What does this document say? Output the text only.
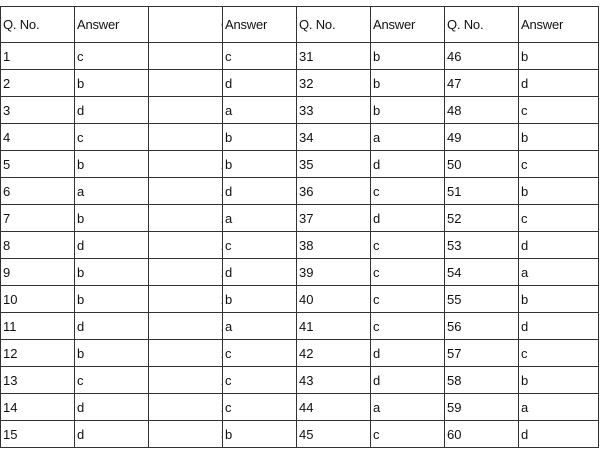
Q. No.	Answer		Answer	Q. No.	Answer	Q. No.	Answer
1	c		c	31	b	46	b
2	b		d	32	b	47	d
3	d		a	33	b	48	c
4	c		b	34	a	49	b
5	b		b	35	d	50	c
6	a		d	36	c	51	b
7	b		a	37	d	52	c
8	d		c	38	c	53	d
9	b		d	39	c	54	a
10	b		b	40	c	55	b
11	d		a	41	c	56	d
12	b		c	42	d	57	c
13	c		c	43	d	58	b
14	d		c	44	a	59	a
15	d		b	45	c	60	d
